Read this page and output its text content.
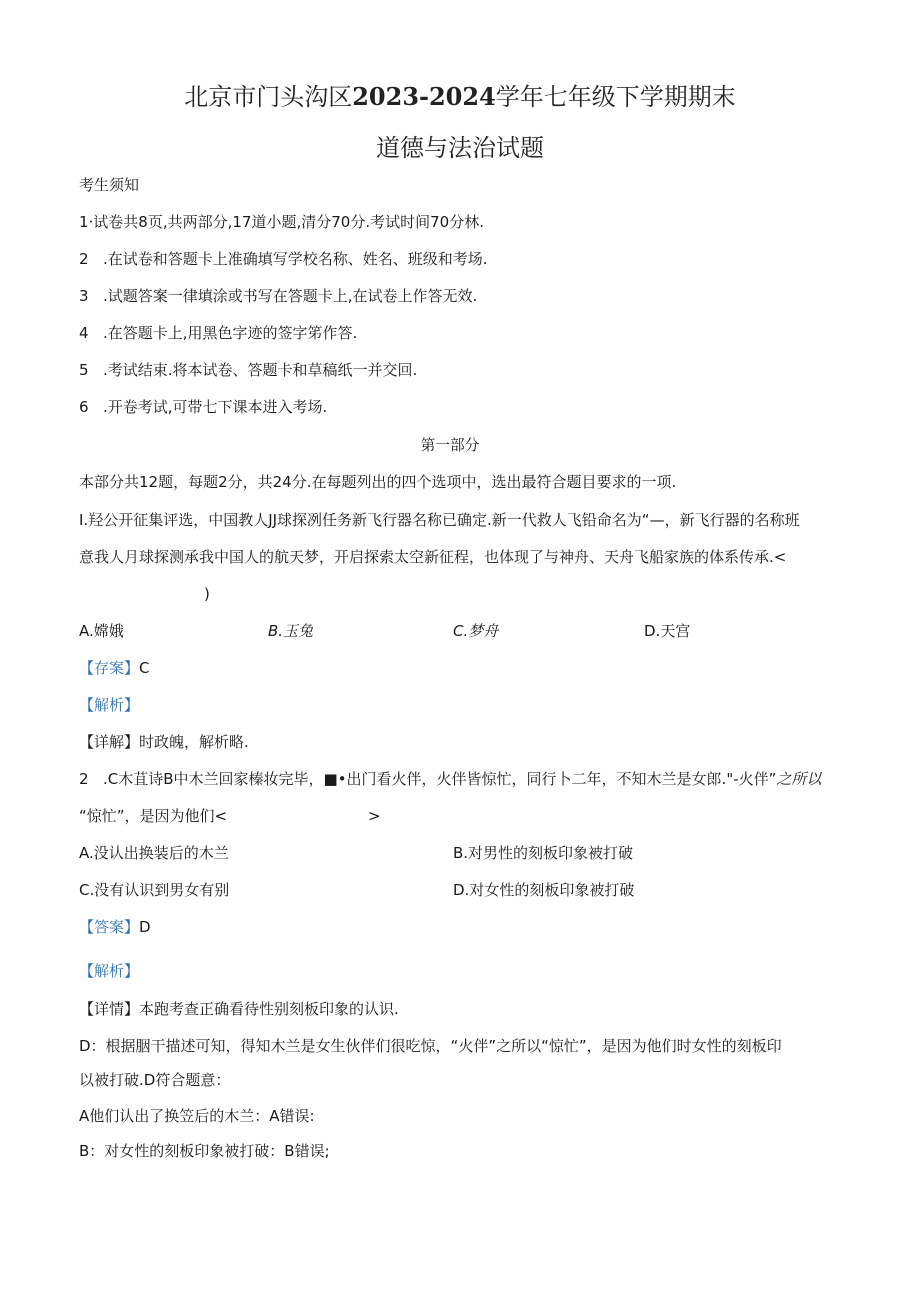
北京市门头沟区2023-2024学年七年级下学期期末
道德与法治试题

考生须知

1·试卷共8页,共两部分,17道小题,清分70分.考试时间70分林.

2 .在试卷和答题卡上准确填写学校名称、姓名、班级和考场.

3 .试题答案一律填涂或书写在答题卡上,在试卷上作答无效.

4 .在答题卡上,用黑色字迹的签字笫作答.

5 .考试结束.将本试卷、答题卡和草稿纸一并交回.

6 .开卷考试,可带七下课本进入考场.

第一部分

本部分共12题，每题2分，共24分.在每题列出的四个选项中，选出最符合题目要求的一项.

I.羟公开征集评选，中国教人JJ球探冽任务新飞行器名称已确定.新一代救人飞铅命名为“—，新飞行器的名称班

意我人月球探测承我中国人的航天梦，开启探索太空新征程，也体现了与神舟、天舟飞船家族的体系传承.<

)

A.嫦娥	B.玉兔	C.梦舟	D.天宫

【存案】C

【解析】

【详解】时政魄，解析略.

2 .C木苴诗B中木兰回家榛妆完毕，■•出门看火伴，火伴皆惊忙，同行卜二年，不知木兰是女郎."-火伴”之所以

“惊忙”，是因为他们<	>
A.没认出换装后的木兰	B.对男性的刻板印象被打破
C.没有认识到男女有别	D.对女性的刻板印象被打破

【答案】D

【解析】

【详情】本跑考查正确看待性别刻板印象的认识.

D：根据胭干描述可知，得知木兰是女生伙伴们很吃惊，“火伴”之所以“惊忙”，是因为他们时女性的刻板印

以被打破.D符合题意：

A他们认出了换笠后的木兰：A错误:

B：对女性的刻板印象被打破：B错误;
